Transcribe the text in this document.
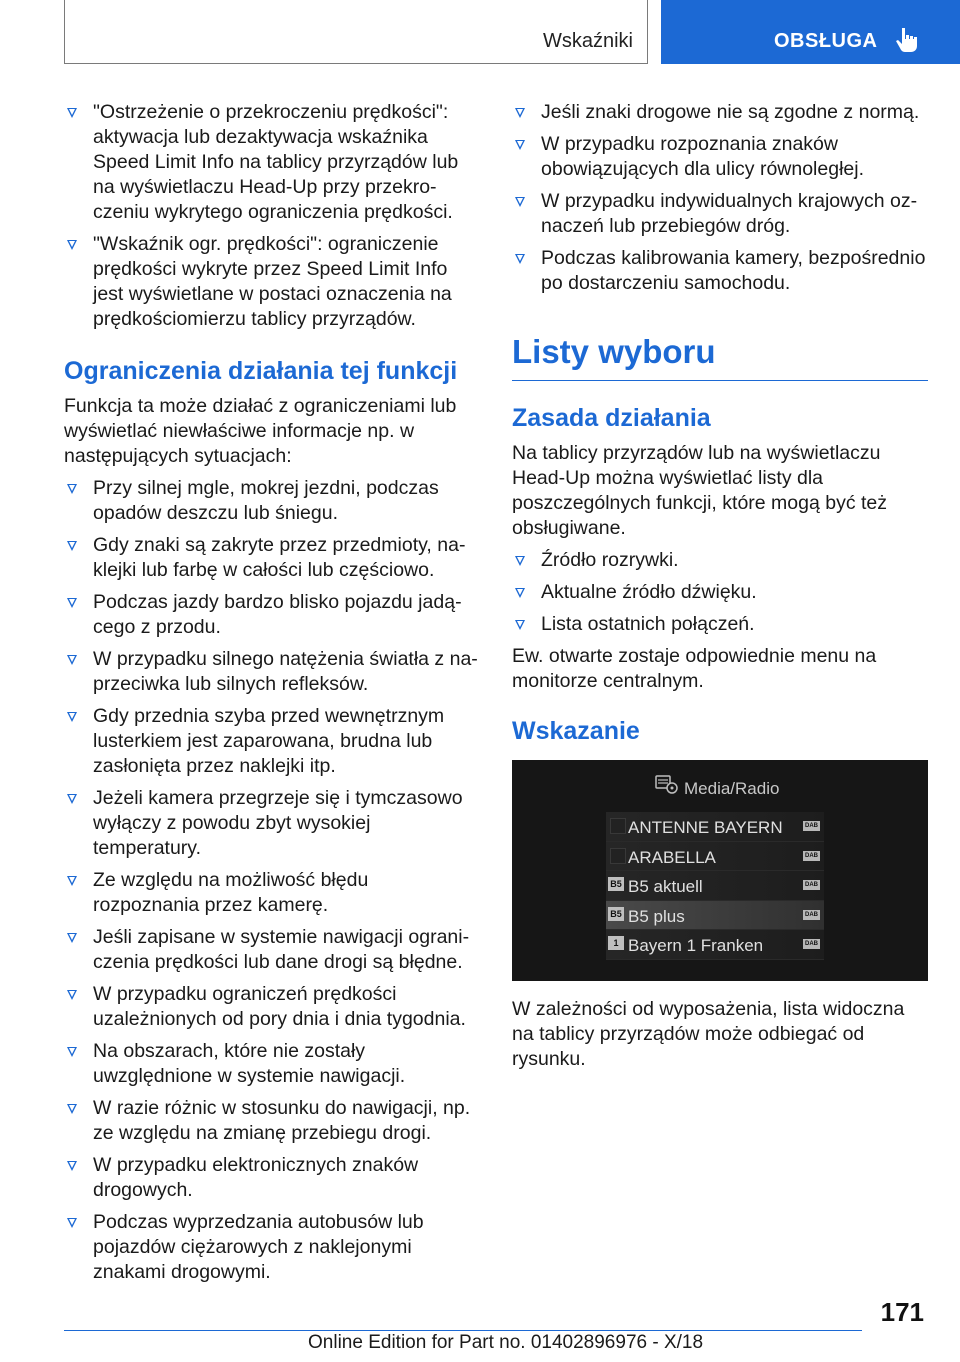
Wskaźniki	OBSŁUGA
"Ostrzeżenie o przekroczeniu prędkości": aktywacja lub dezaktywacja wskaźnika Speed Limit Info na tablicy przyrządów lub na wyświetlaczu Head-Up przy przekroczeniu wykrytego ograniczenia prędkości.
"Wskaźnik ogr. prędkości": ograniczenie prędkości wykryte przez Speed Limit Info jest wyświetlane w postaci oznaczenia na prędkościomierzu tablicy przyrządów.
Ograniczenia działania tej funkcji

Funkcja ta może działać z ograniczeniami lub wyświetlać niewłaściwe informacje np. w następujących sytuacjach:

Przy silnej mgle, mokrej jezdni, podczas opadów deszczu lub śniegu.
Gdy znaki są zakryte przez przedmioty, naklejki lub farbę w całości lub częściowo.
Podczas jazdy bardzo blisko pojazdu jadącego z przodu.
W przypadku silnego natężenia światła z naprzeciwka lub silnych refleksów.
Gdy przednia szyba przed wewnętrznym lusterkiem jest zaparowana, brudna lub zasłonięta przez naklejki itp.
Jeżeli kamera przegrzeje się i tymczasowo wyłączy z powodu zbyt wysokiej temperatury.
Ze względu na możliwość błędu rozpoznania przez kamerę.
Jeśli zapisane w systemie nawigacji ograniczenia prędkości lub dane drogi są błędne.
W przypadku ograniczeń prędkości uzależnionych od pory dnia i dnia tygodnia.
Na obszarach, które nie zostały uwzględnione w systemie nawigacji.
W razie różnic w stosunku do nawigacji, np. ze względu na zmianę przebiegu drogi.
W przypadku elektronicznych znaków drogowych.
Podczas wyprzedzania autobusów lub pojazdów ciężarowych z naklejonymi znakami drogowymi.
Jeśli znaki drogowe nie są zgodne z normą.
W przypadku rozpoznania znaków obowiązujących dla ulicy równoległej.
W przypadku indywidualnych krajowych oznaczeń lub przebiegów dróg.
Podczas kalibrowania kamery, bezpośrednio po dostarczeniu samochodu.
Listy wyboru
Zasada działania

Na tablicy przyrządów lub na wyświetlaczu Head-Up można wyświetlać listy dla poszczególnych funkcji, które mogą być też obsługiwane.

Źródło rozrywki.
Aktualne źródło dźwięku.
Lista ostatnich połączeń.

Ew. otwarte zostaje odpowiednie menu na monitorze centralnym.

Wskazanie
Media/Radio
ANTENNE BAYERN	DAB
ARABELLA	DAB
B5 B5 aktuell	DAB
B5 B5 plus	DAB
1 Bayern 1 Franken	DAB

W zależności od wyposażenia, lista widoczna na tablicy przyrządów może odbiegać od rysunku.

171
Online Edition for Part no. 01402896976 - X/18
